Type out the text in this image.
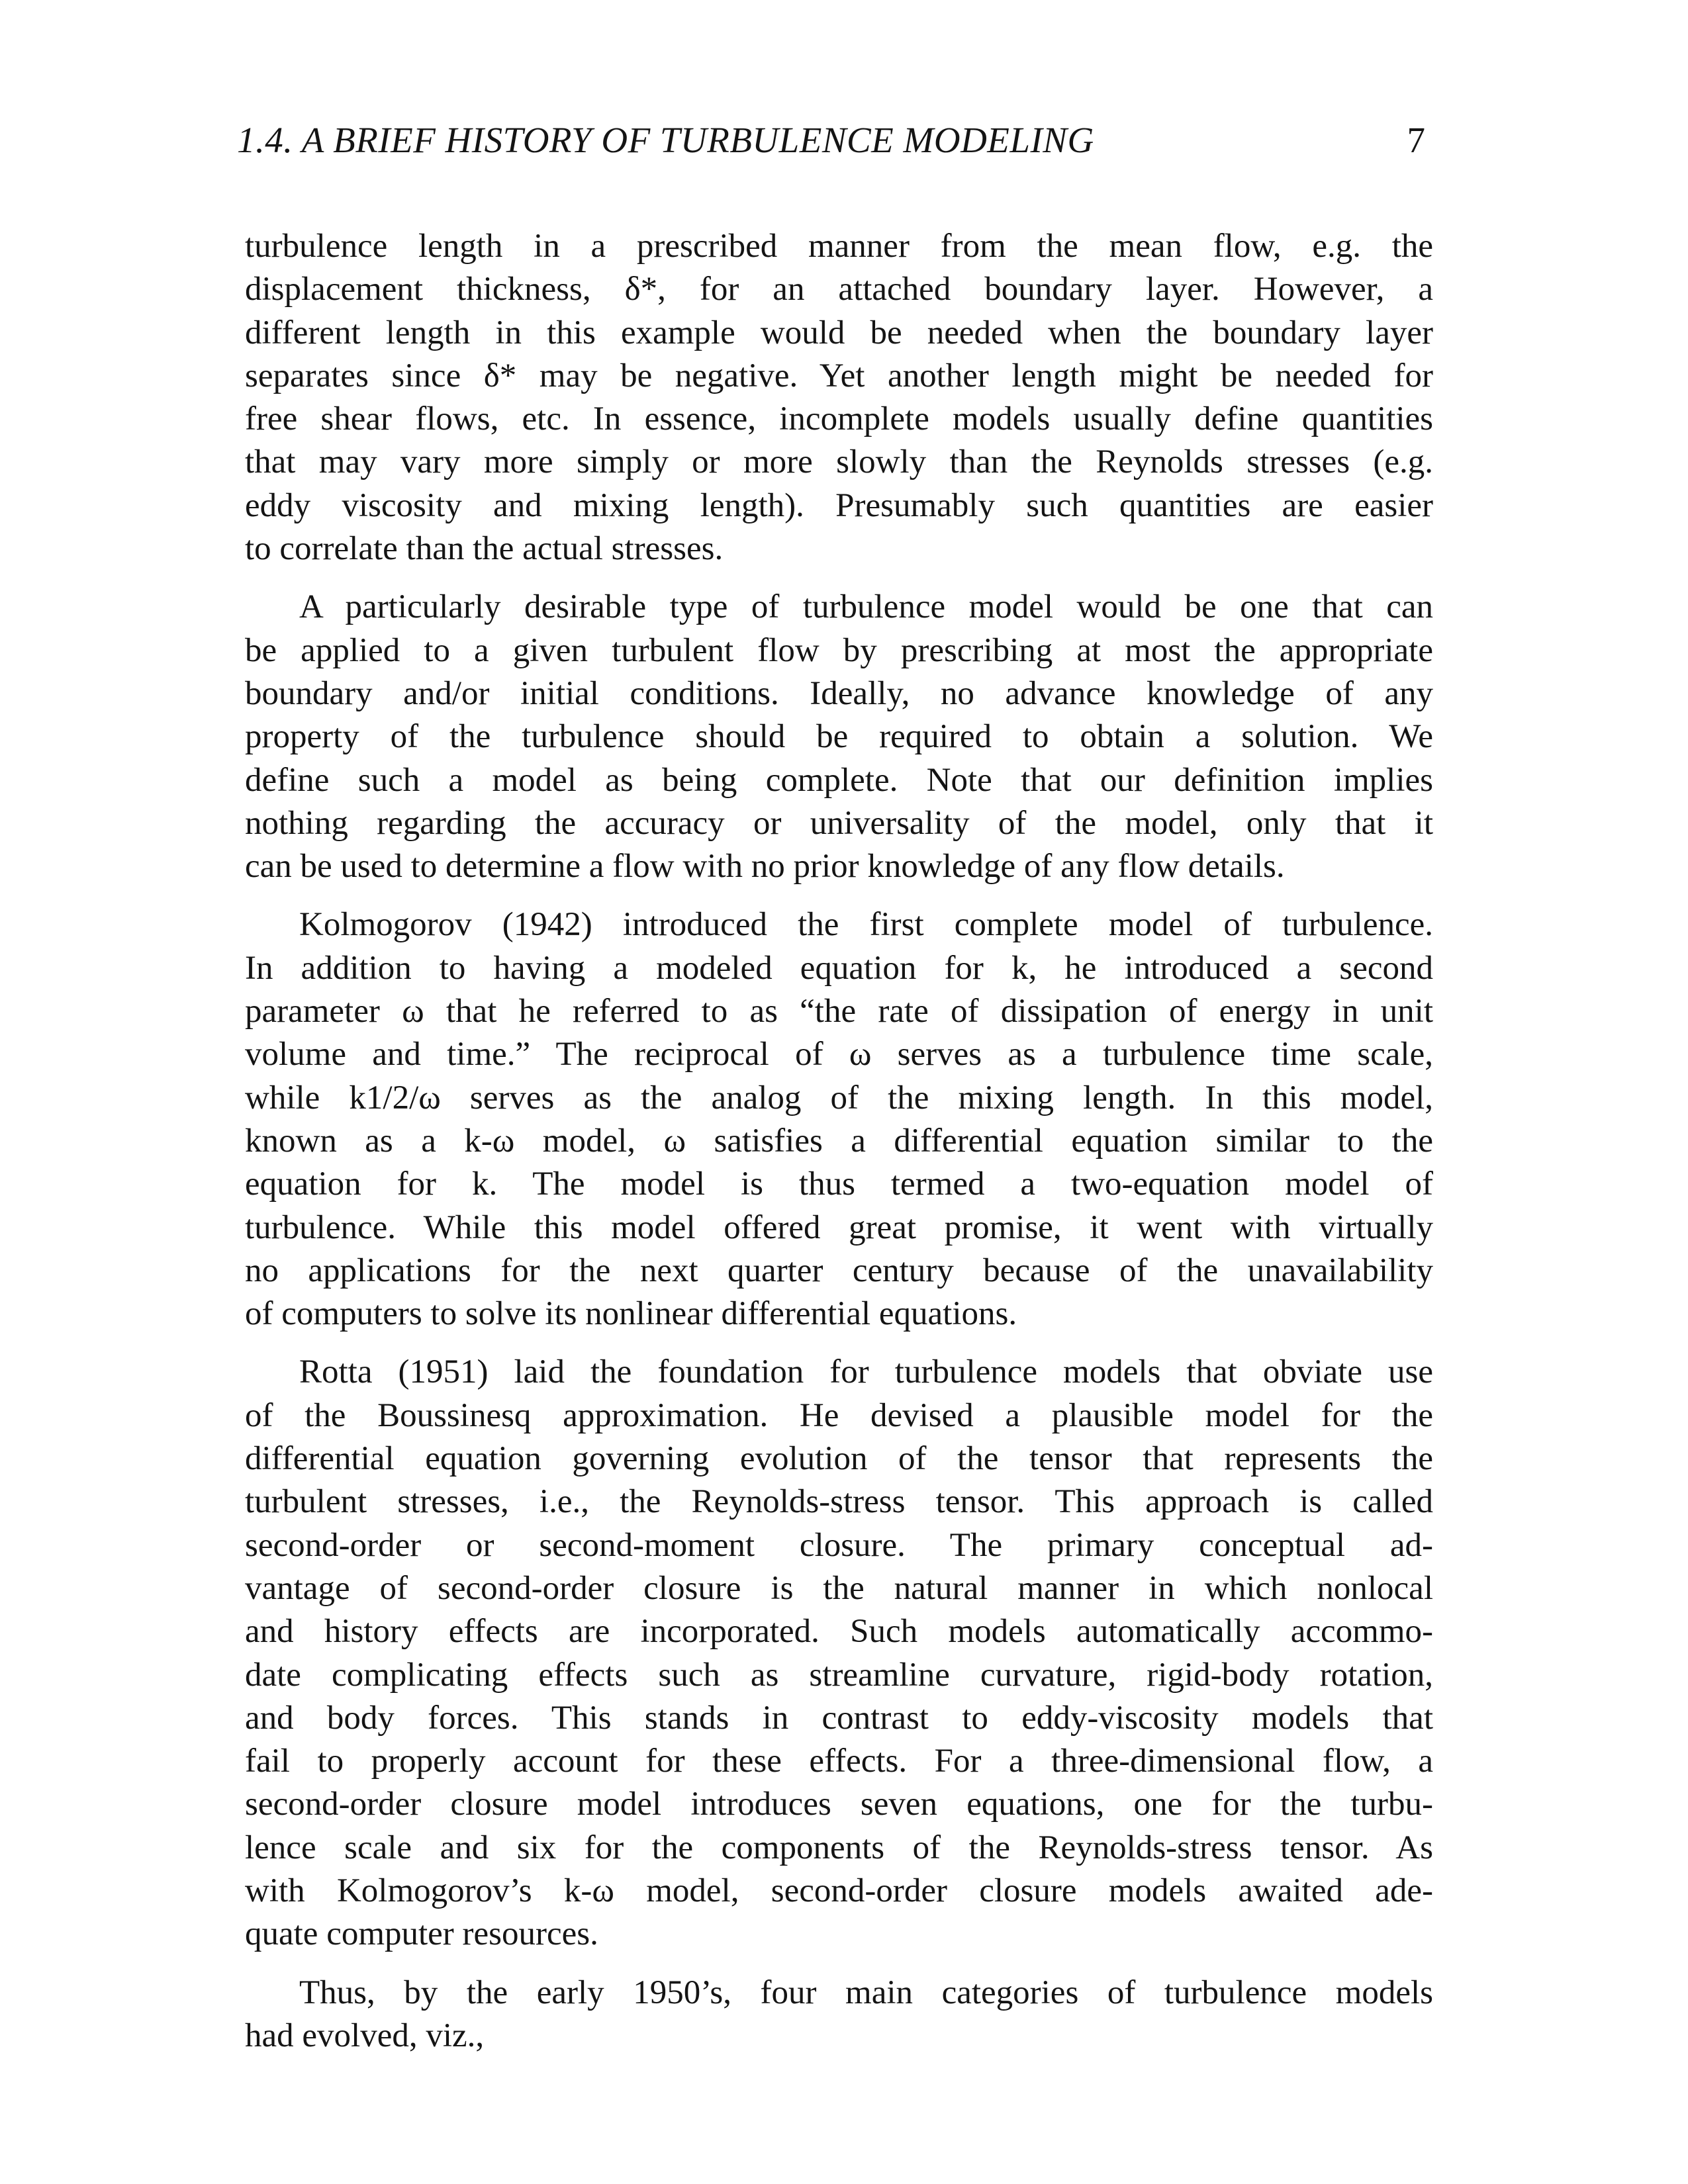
1.4. A BRIEF HISTORY OF TURBULENCE MODELING	7

turbulence length in a prescribed manner from the mean flow, e.g. the
displacement thickness, δ*, for an attached boundary layer. However, a
different length in this example would be needed when the boundary layer
separates since δ* may be negative. Yet another length might be needed for
free shear flows, etc. In essence, incomplete models usually define quantities
that may vary more simply or more slowly than the Reynolds stresses (e.g.
eddy viscosity and mixing length). Presumably such quantities are easier
to correlate than the actual stresses.

A particularly desirable type of turbulence model would be one that can
be applied to a given turbulent flow by prescribing at most the appropriate
boundary and/or initial conditions. Ideally, no advance knowledge of any
property of the turbulence should be required to obtain a solution. We
define such a model as being complete. Note that our definition implies
nothing regarding the accuracy or universality of the model, only that it
can be used to determine a flow with no prior knowledge of any flow details.

Kolmogorov (1942) introduced the first complete model of turbulence.
In addition to having a modeled equation for k, he introduced a second
parameter ω that he referred to as “the rate of dissipation of energy in unit
volume and time.” The reciprocal of ω serves as a turbulence time scale,
while k1/2/ω serves as the analog of the mixing length. In this model,
known as a k-ω model, ω satisfies a differential equation similar to the
equation for k. The model is thus termed a two-equation model of
turbulence. While this model offered great promise, it went with virtually
no applications for the next quarter century because of the unavailability
of computers to solve its nonlinear differential equations.

Rotta (1951) laid the foundation for turbulence models that obviate use
of the Boussinesq approximation. He devised a plausible model for the
differential equation governing evolution of the tensor that represents the
turbulent stresses, i.e., the Reynolds-stress tensor. This approach is called
second-order or second-moment closure. The primary conceptual ad-
vantage of second-order closure is the natural manner in which nonlocal
and history effects are incorporated. Such models automatically accommo-
date complicating effects such as streamline curvature, rigid-body rotation,
and body forces. This stands in contrast to eddy-viscosity models that
fail to properly account for these effects. For a three-dimensional flow, a
second-order closure model introduces seven equations, one for the turbu-
lence scale and six for the components of the Reynolds-stress tensor. As
with Kolmogorov’s k-ω model, second-order closure models awaited ade-
quate computer resources.

Thus, by the early 1950’s, four main categories of turbulence models
had evolved, viz.,
